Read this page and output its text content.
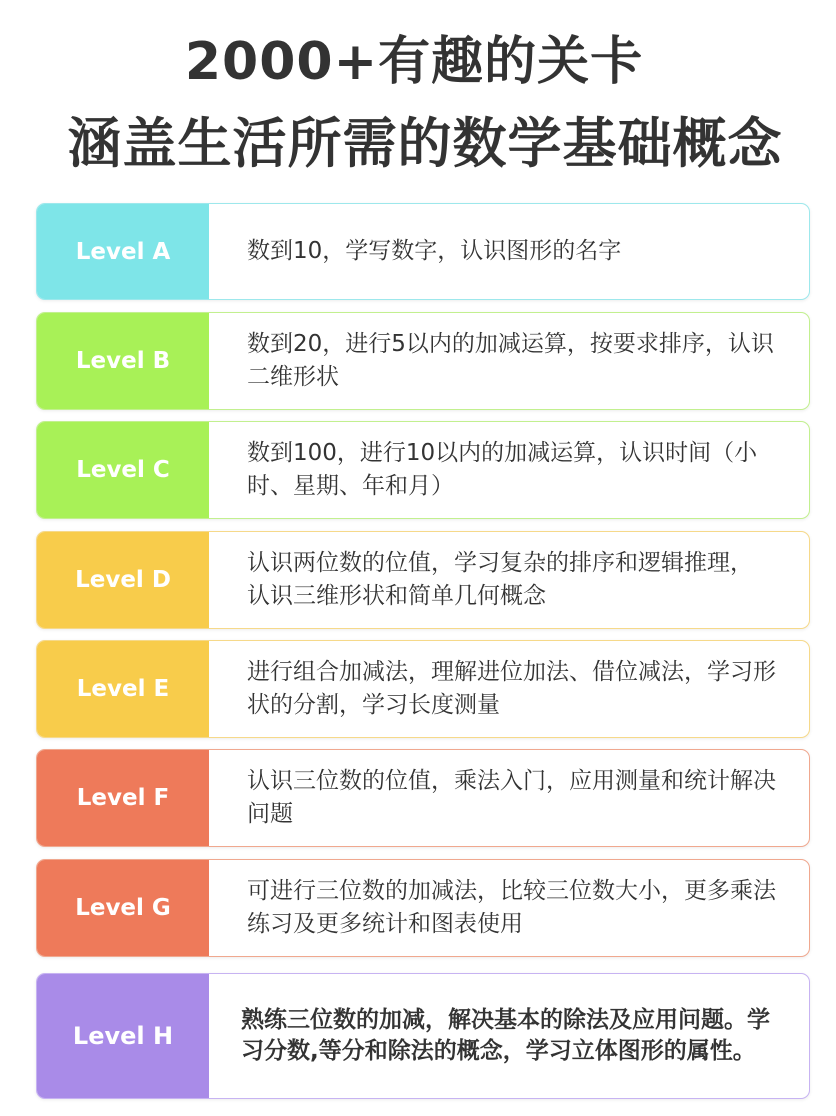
2000+有趣的关卡
涵盖生活所需的数学基础概念
Level A	数到10，学写数字，认识图形的名字
Level B
数到20，进行5以内的加减运算，按要求排序，认识二维形状
Level C
数到100，进行10以内的加减运算，认识时间（小时、星期、年和月）
Level D
认识两位数的位值，学习复杂的排序和逻辑推理，认识三维形状和简单几何概念
Level E
进行组合加减法，理解进位加法、借位减法，学习形状的分割，学习长度测量
Level F
认识三位数的位值，乘法入门，应用测量和统计解决问题
Level G
可进行三位数的加减法，比较三位数大小，更多乘法练习及更多统计和图表使用
Level H
熟练三位数的加减，解决基本的除法及应用问题。学习分数,等分和除法的概念，学习立体图形的属性。
